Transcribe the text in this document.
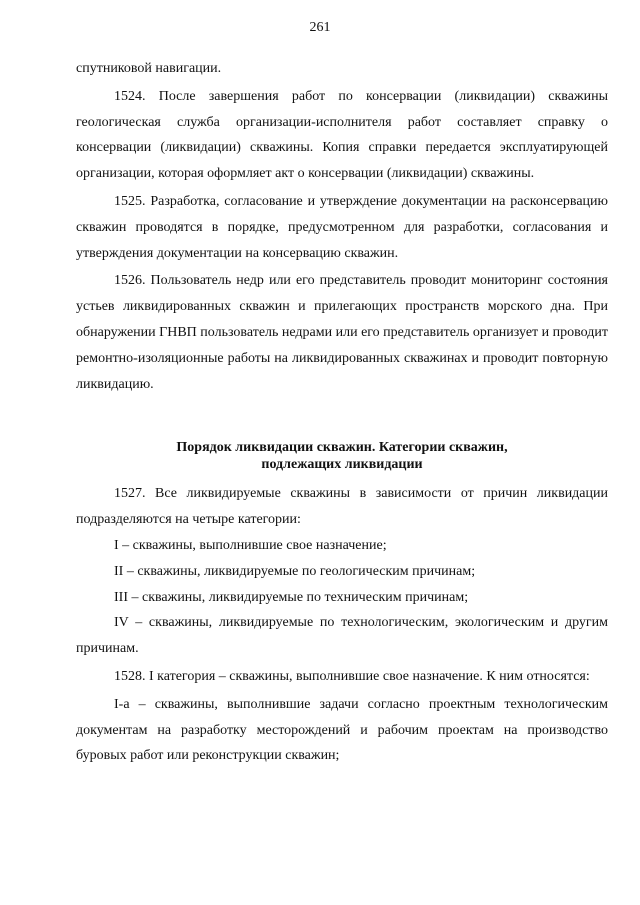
261

спутниковой навигации.

1524. После завершения работ по консервации (ликвидации) скважины геологическая служба организации-исполнителя работ составляет справку о консервации (ликвидации) скважины. Копия справки передается эксплуатирующей организации, которая оформляет акт о консервации (ликвидации) скважины.

1525. Разработка, согласование и утверждение документации на расконсервацию скважин проводятся в порядке, предусмотренном для разработки, согласования и утверждения документации на консервацию скважин.

1526. Пользователь недр или его представитель проводит мониторинг состояния устьев ликвидированных скважин и прилегающих пространств морского дна. При обнаружении ГНВП пользователь недрами или его представитель организует и проводит ремонтно-изоляционные работы на ликвидированных скважинах и проводит повторную ликвидацию.

Порядок ликвидации скважин. Категории скважин,
подлежащих ликвидации

1527. Все ликвидируемые скважины в зависимости от причин ликвидации подразделяются на четыре категории:

I – скважины, выполнившие свое назначение;

II – скважины, ликвидируемые по геологическим причинам;

III – скважины, ликвидируемые по техническим причинам;

IV – скважины, ликвидируемые по технологическим, экологическим и другим причинам.

1528. I категория – скважины, выполнившие свое назначение. К ним относятся:

I-а – скважины, выполнившие задачи согласно проектным технологическим документам на разработку месторождений и рабочим проектам на производство буровых работ или реконструкции скважин;
